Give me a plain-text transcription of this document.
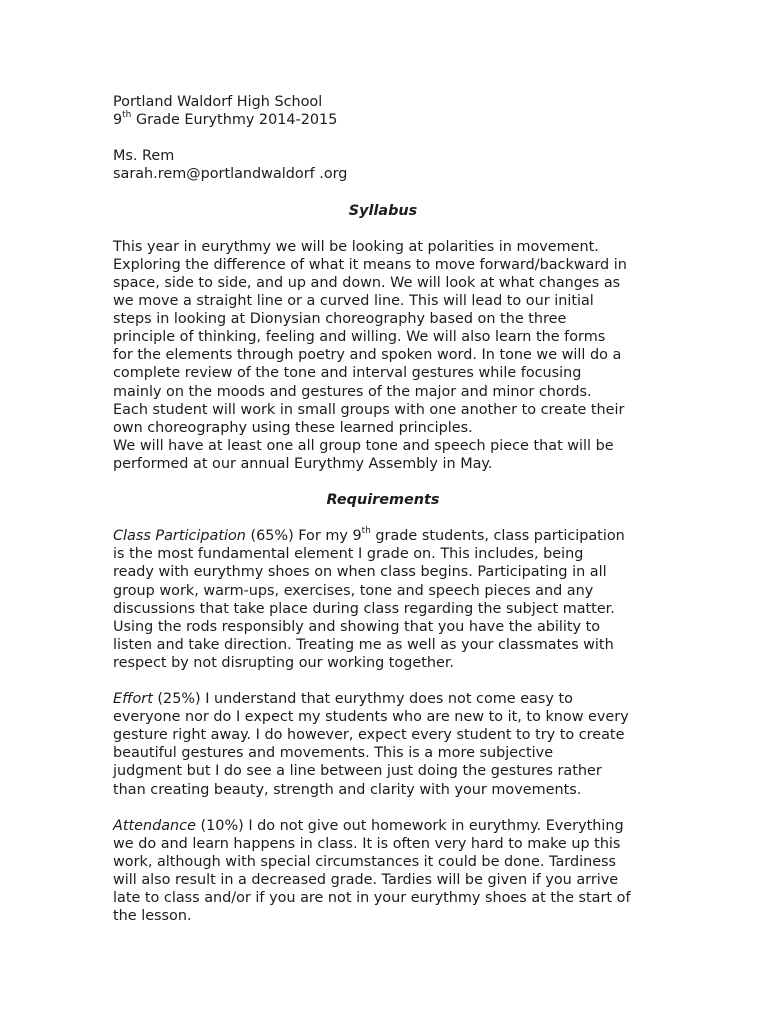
Portland Waldorf High School
9th Grade Eurythmy 2014-2015
Ms. Rem
sarah.rem@portlandwaldorf .org
Syllabus
This year in eurythmy we will be looking at polarities in movement.
Exploring the difference of what it means to move forward/backward in
space, side to side, and up and down. We will look at what changes as
we move a straight line or a curved line. This will lead to our initial
steps in looking at Dionysian choreography based on the three
principle of thinking, feeling and willing. We will also learn the forms
for the elements through poetry and spoken word. In tone we will do a
complete review of the tone and interval gestures while focusing
mainly on the moods and gestures of the major and minor chords.
Each student will work in small groups with one another to create their
own choreography using these learned principles.
We will have at least one all group tone and speech piece that will be
performed at our annual Eurythmy Assembly in May.
Requirements
Class Participation (65%) For my 9th grade students, class participation
is the most fundamental element I grade on. This includes, being
ready with eurythmy shoes on when class begins. Participating in all
group work, warm-ups, exercises, tone and speech pieces and any
discussions that take place during class regarding the subject matter.
Using the rods responsibly and showing that you have the ability to
listen and take direction. Treating me as well as your classmates with
respect by not disrupting our working together.
Effort (25%) I understand that eurythmy does not come easy to
everyone nor do I expect my students who are new to it, to know every
gesture right away. I do however, expect every student to try to create
beautiful gestures and movements. This is a more subjective
judgment but I do see a line between just doing the gestures rather
than creating beauty, strength and clarity with your movements.
Attendance (10%) I do not give out homework in eurythmy. Everything
we do and learn happens in class. It is often very hard to make up this
work, although with special circumstances it could be done. Tardiness
will also result in a decreased grade. Tardies will be given if you arrive
late to class and/or if you are not in your eurythmy shoes at the start of
the lesson.
